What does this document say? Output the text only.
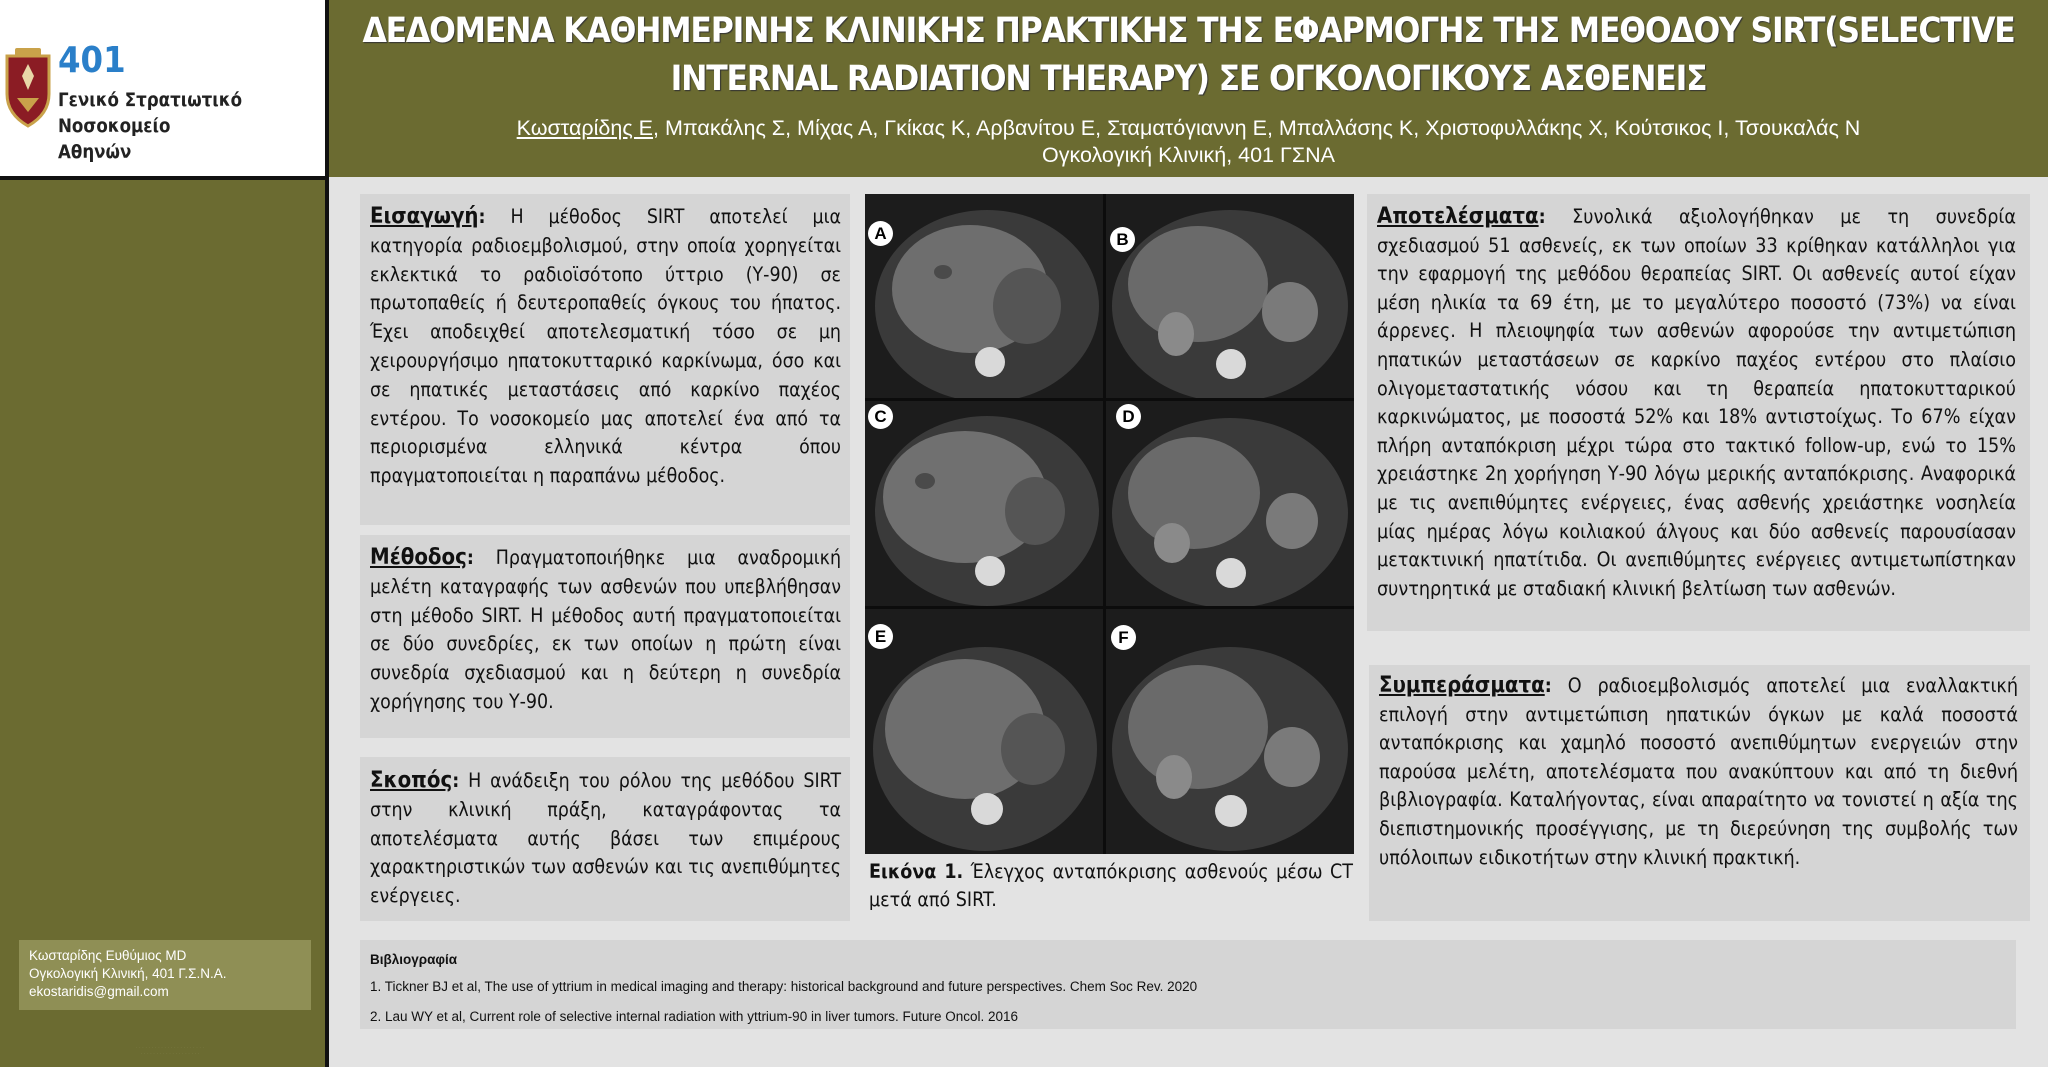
401
Γενικό Στρατιωτικό Νοσοκομείο
Αθηνών
ΔΕΔΟΜΕΝΑ ΚΑΘΗΜΕΡΙΝΗΣ ΚΛΙΝΙΚΗΣ ΠΡΑΚΤΙΚΗΣ ΤΗΣ ΕΦΑΡΜΟΓΗΣ ΤΗΣ ΜΕΘΟΔΟΥ SIRT(SELECTIVE
INTERNAL RADIATION THERAPY) ΣΕ ΟΓΚΟΛΟΓΙΚΟΥΣ ΑΣΘΕΝΕΙΣ
Κωσταρίδης Ε, Μπακάλης Σ, Μίχας Α, Γκίκας Κ, Αρβανίτου Ε, Σταματόγιαννη Ε, Μπαλλάσης Κ, Χριστοφυλλάκης Χ, Κούτσικος Ι, Τσουκαλάς Ν
Ογκολογική Κλινική, 401 ΓΣΝΑ
Κωσταρίδης Ευθύμιος MD
Ογκολογική Κλινική, 401 Γ.Σ.Ν.Α.
ekostaridis@gmail.com
· · · · · · · · · · · · · · · · · · · · · ·
· · · · · · · · · · · · · · · · · · ·

Εισαγωγή: Η μέθοδος SIRT αποτελεί μια κατηγορία ραδιοεμβολισμού, στην οποία χορηγείται εκλεκτικά το ραδιοϊσότοπο ύττριο (Υ-90) σε πρωτοπαθείς ή δευτεροπαθείς όγκους του ήπατος. Έχει αποδειχθεί αποτελεσματική τόσο σε μη χειρουργήσιμο ηπατοκυτταρικό καρκίνωμα, όσο και σε ηπατικές μεταστάσεις από καρκίνο παχέος εντέρου. Το νοσοκομείο μας αποτελεί ένα από τα περιορισμένα ελληνικά κέντρα όπου πραγματοποιείται η παραπάνω μέθοδος.

Μέθοδος: Πραγματοποιήθηκε μια αναδρομική μελέτη καταγραφής των ασθενών που υπεβλήθησαν στη μέθοδο SIRT. Η μέθοδος αυτή πραγματοποιείται σε δύο συνεδρίες, εκ των οποίων η πρώτη είναι συνεδρία σχεδιασμού και η δεύτερη η συνεδρία χορήγησης του Υ-90.

Σκοπός: Η ανάδειξη του ρόλου της μεθόδου SIRT στην κλινική πράξη, καταγράφοντας τα αποτελέσματα αυτής βάσει των επιμέρους χαρακτηριστικών των ασθενών και τις ανεπιθύμητες ενέργειες.

A	B
C	D
E	F
Εικόνα 1. Έλεγχος ανταπόκρισης ασθενούς μέσω CT μετά από SIRT.

Αποτελέσματα: Συνολικά αξιολογήθηκαν με τη συνεδρία σχεδιασμού 51 ασθενείς, εκ των οποίων 33 κρίθηκαν κατάλληλοι για την εφαρμογή της μεθόδου θεραπείας SIRT. Οι ασθενείς αυτοί είχαν μέση ηλικία τα 69 έτη, με το μεγαλύτερο ποσοστό (73%) να είναι άρρενες. Η πλειοψηφία των ασθενών αφορούσε την αντιμετώπιση ηπατικών μεταστάσεων σε καρκίνο παχέος εντέρου στο πλαίσιο ολιγομεταστατικής νόσου και τη θεραπεία ηπατοκυτταρικού καρκινώματος, με ποσοστά 52% και 18% αντιστοίχως. Το 67% είχαν πλήρη ανταπόκριση μέχρι τώρα στο τακτικό follow-up, ενώ το 15% χρειάστηκε 2η χορήγηση Υ-90 λόγω μερικής ανταπόκρισης. Αναφορικά με τις ανεπιθύμητες ενέργειες, ένας ασθενής χρειάστηκε νοσηλεία μίας ημέρας λόγω κοιλιακού άλγους και δύο ασθενείς παρουσίασαν μετακτινική ηπατίτιδα. Οι ανεπιθύμητες ενέργειες αντιμετωπίστηκαν συντηρητικά με σταδιακή κλινική βελτίωση των ασθενών.

Συμπεράσματα: Ο ραδιοεμβολισμός αποτελεί μια εναλλακτική επιλογή στην αντιμετώπιση ηπατικών όγκων με καλά ποσοστά ανταπόκρισης και χαμηλό ποσοστό ανεπιθύμητων ενεργειών στην παρούσα μελέτη, αποτελέσματα που ανακύπτουν και από τη διεθνή βιβλιογραφία. Καταλήγοντας, είναι απαραίτητο να τονιστεί η αξία της διεπιστημονικής προσέγγισης, με τη διερεύνηση της συμβολής των υπόλοιπων ειδικοτήτων στην κλινική πρακτική.

Βιβλιογραφία
1. Tickner BJ et al, The use of yttrium in medical imaging and therapy: historical background and future perspectives. Chem Soc Rev. 2020
2. Lau WY et al, Current role of selective internal radiation with yttrium-90 in liver tumors. Future Oncol. 2016
